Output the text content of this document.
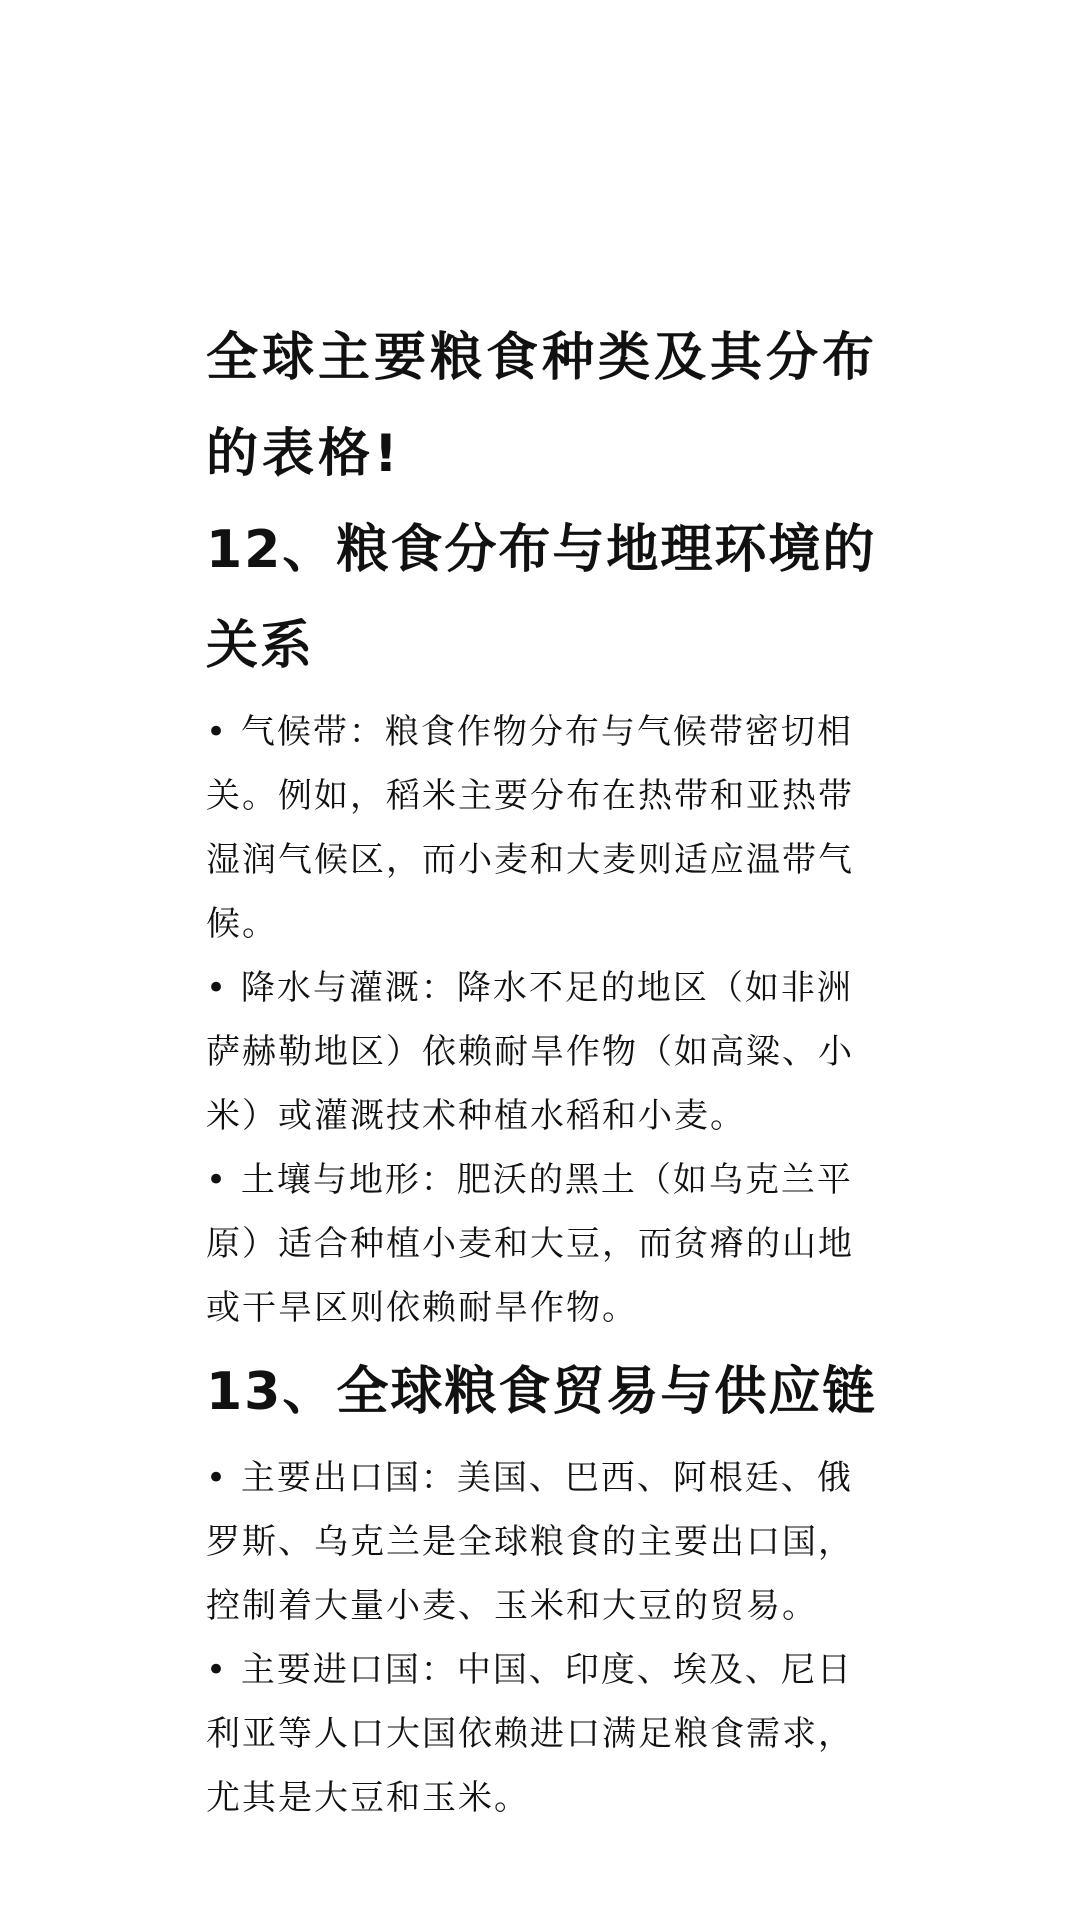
全球主要粮食种类及其分布的表格!
12、粮食分布与地理环境的关系

• 气候带：粮食作物分布与气候带密切相关。例如，稻米主要分布在热带和亚热带湿润气候区，而小麦和大麦则适应温带气候。

• 降水与灌溉：降水不足的地区（如非洲萨赫勒地区）依赖耐旱作物（如高粱、小米）或灌溉技术种植水稻和小麦。

• 土壤与地形：肥沃的黑土（如乌克兰平原）适合种植小麦和大豆，而贫瘠的山地或干旱区则依赖耐旱作物。

13、全球粮食贸易与供应链

• 主要出口国：美国、巴西、阿根廷、俄罗斯、乌克兰是全球粮食的主要出口国，控制着大量小麦、玉米和大豆的贸易。

• 主要进口国：中国、印度、埃及、尼日利亚等人口大国依赖进口满足粮食需求，尤其是大豆和玉米。
